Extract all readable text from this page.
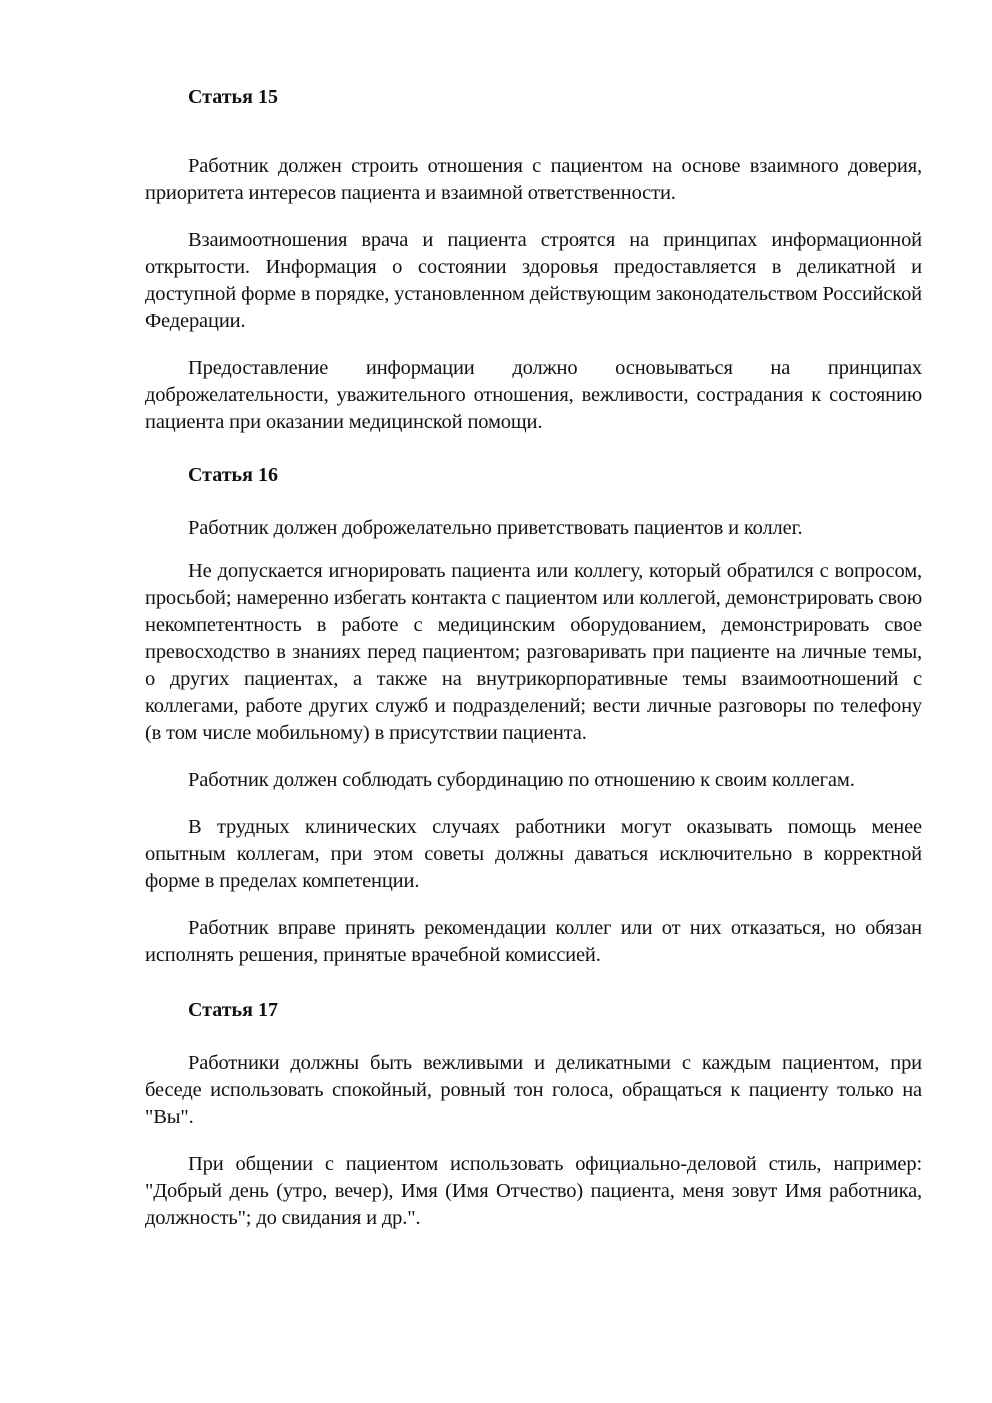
Статья 15

Работник должен строить отношения с пациентом на основе взаимного доверия, приоритета интересов пациента и взаимной ответственности.

Взаимоотношения врача и пациента строятся на принципах информационной открытости. Информация о состоянии здоровья предоставляется в деликатной и доступной форме в порядке, установленном действующим законодательством Российской Федерации.

Предоставление информации должно основываться на принципах доброжелательности, уважительного отношения, вежливости, сострадания к состоянию пациента при оказании медицинской помощи.

Статья 16

Работник должен доброжелательно приветствовать пациентов и коллег.

Не допускается игнорировать пациента или коллегу, который обратился с вопросом, просьбой; намеренно избегать контакта с пациентом или коллегой, демонстрировать свою некомпетентность в работе с медицинским оборудованием, демонстрировать свое превосходство в знаниях перед пациентом; разговаривать при пациенте на личные темы, о других пациентах, а также на внутрикорпоративные темы взаимоотношений с коллегами, работе других служб и подразделений; вести личные разговоры по телефону (в том числе мобильному) в присутствии пациента.

Работник должен соблюдать субординацию по отношению к своим коллегам.

В трудных клинических случаях работники могут оказывать помощь менее опытным коллегам, при этом советы должны даваться исключительно в корректной форме в пределах компетенции.

Работник вправе принять рекомендации коллег или от них отказаться, но обязан исполнять решения, принятые врачебной комиссией.

Статья 17

Работники должны быть вежливыми и деликатными с каждым пациентом, при беседе использовать спокойный, ровный тон голоса, обращаться к пациенту только на "Вы".

При общении с пациентом использовать официально-деловой стиль, например: "Добрый день (утро, вечер), Имя (Имя Отчество) пациента, меня зовут Имя работника, должность"; до свидания и др.".
